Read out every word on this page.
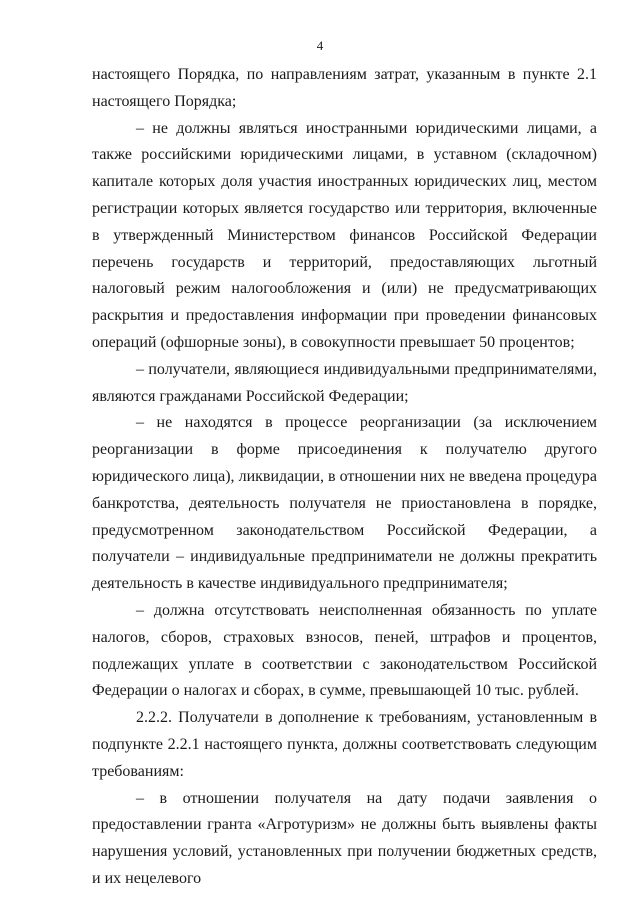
4

настоящего Порядка, по направлениям затрат, указанным в пункте 2.1 настоящего Порядка;

– не должны являться иностранными юридическими лицами, а также российскими юридическими лицами, в уставном (складочном) капитале которых доля участия иностранных юридических лиц, местом регистрации которых является государство или территория, включенные в утвержденный Министерством финансов Российской Федерации перечень государств и территорий, предоставляющих льготный налоговый режим налогообложения и (или) не предусматривающих раскрытия и предоставления информации при проведении финансовых операций (офшорные зоны), в совокупности превышает 50 процентов;

– получатели, являющиеся индивидуальными предпринимателями, являются гражданами Российской Федерации;

– не находятся в процессе реорганизации (за исключением реорганизации в форме присоединения к получателю другого юридического лица), ликвидации, в отношении них не введена процедура банкротства, деятельность получателя не приостановлена в порядке, предусмотренном законодательством Российской Федерации, а получатели – индивидуальные предприниматели не должны прекратить деятельность в качестве индивидуального предпринимателя;

– должна отсутствовать неисполненная обязанность по уплате налогов, сборов, страховых взносов, пеней, штрафов и процентов, подлежащих уплате в соответствии с законодательством Российской Федерации о налогах и сборах, в сумме, превышающей 10 тыс. рублей.

2.2.2. Получатели в дополнение к требованиям, установленным в подпункте 2.2.1 настоящего пункта, должны соответствовать следующим требованиям:

– в отношении получателя на дату подачи заявления о предоставлении гранта «Агротуризм» не должны быть выявлены факты нарушения условий, установленных при получении бюджетных средств, и их нецелевого
